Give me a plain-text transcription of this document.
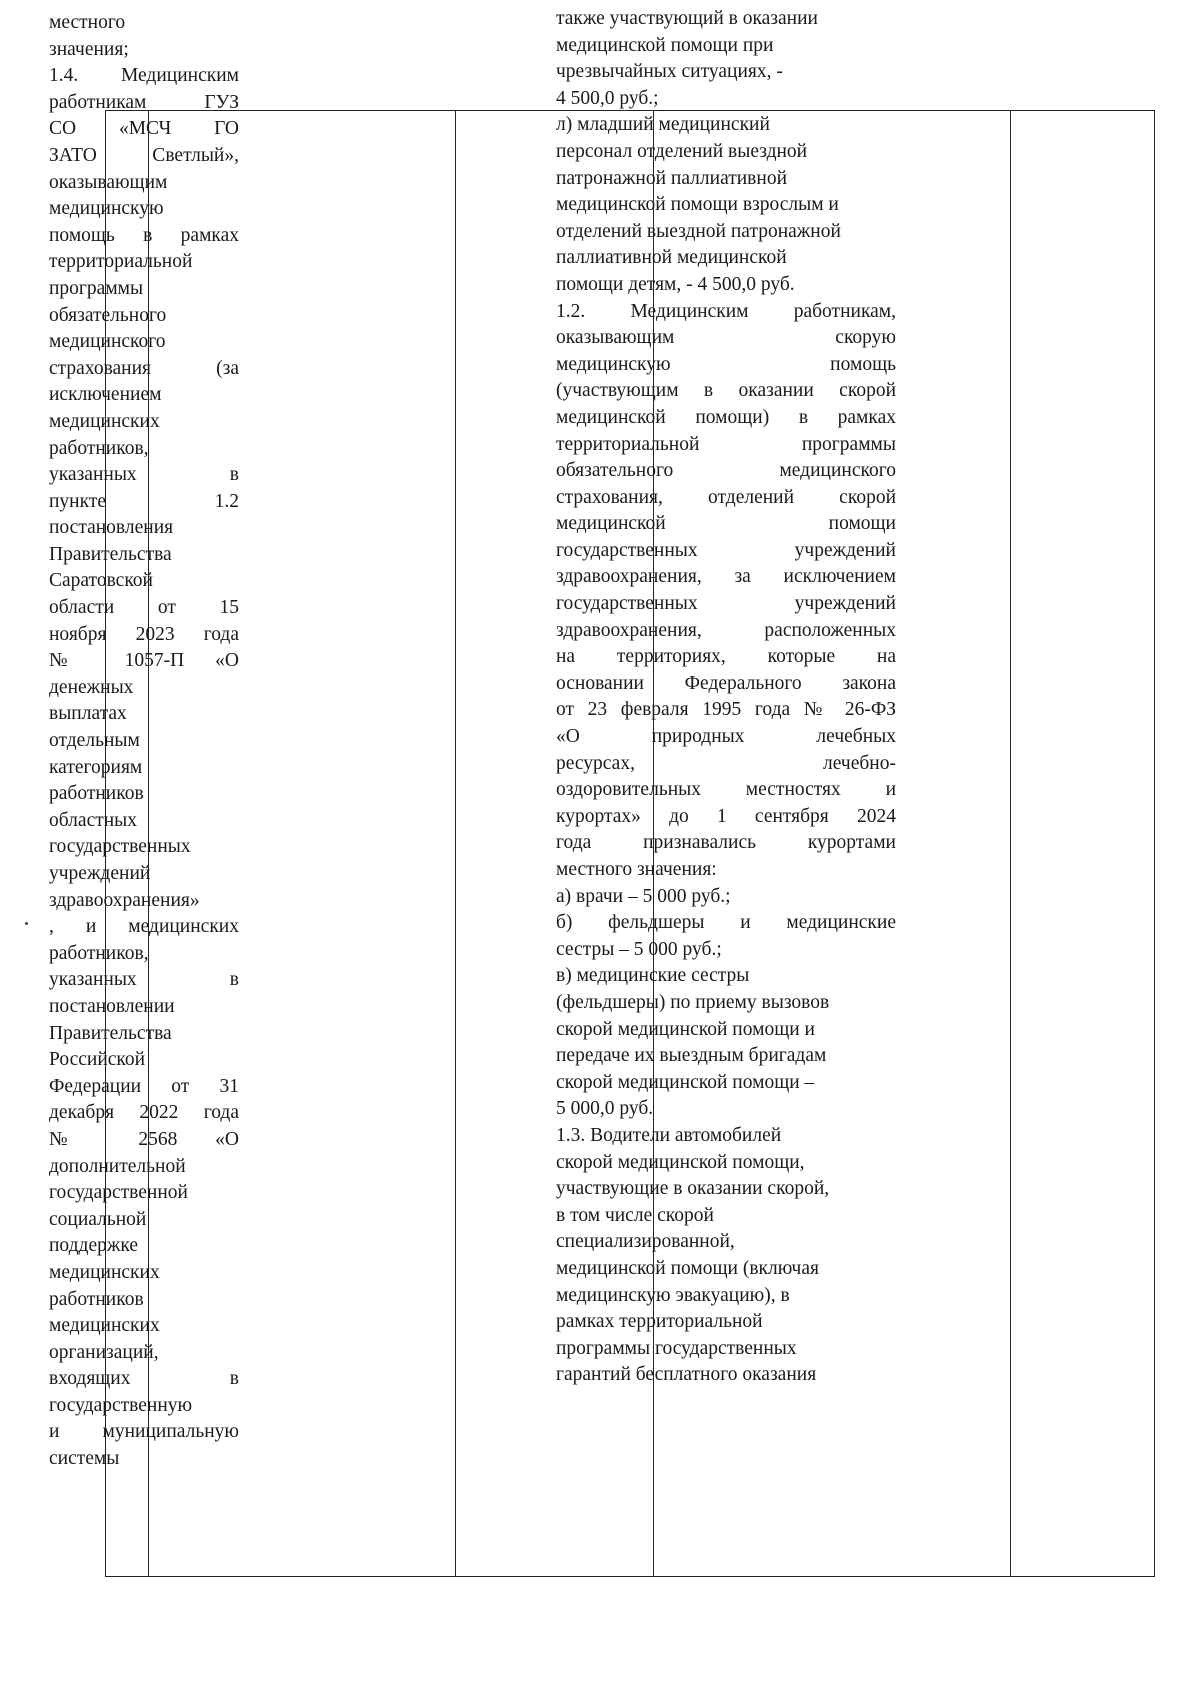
местного
значения;
1.4. Медицинским
работникам ГУЗ
СО «МСЧ ГО
ЗАТО Светлый»,
оказывающим
медицинскую
помощь в рамках
территориальной
программы
обязательного
медицинского
страхования (за
исключением
медицинских
работников,
указанных в
пункте 1.2
постановления
Правительства
Саратовской
области от 15
ноября 2023 года
№ 1057-П «О
денежных
выплатах
отдельным
категориям
работников
областных
государственных
учреждений
здравоохранения»
, и медицинских
работников,
указанных в
постановлении
Правительства
Российской
Федерации от 31
декабря 2022 года
№ 2568 «О
дополнительной
государственной
социальной
поддержке
медицинских
работников
медицинских
организаций,
входящих в
государственную
и муниципальную
системы
также участвующий в оказании
медицинской помощи при
чрезвычайных ситуациях, -
4 500,0 руб.;
л) младший медицинский
персонал отделений выездной
патронажной паллиативной
медицинской помощи взрослым и
отделений выездной патронажной
паллиативной медицинской
помощи детям, - 4 500,0 руб.
1.2. Медицинским работникам,
оказывающим скорую
медицинскую помощь
(участвующим в оказании скорой
медицинской помощи) в рамках
территориальной программы
обязательного медицинского
страхования, отделений скорой
медицинской помощи
государственных учреждений
здравоохранения, за исключением
государственных учреждений
здравоохранения, расположенных
на территориях, которые на
основании Федерального закона
от 23 февраля 1995 года № 26-ФЗ
«О природных лечебных
ресурсах, лечебно-
оздоровительных местностях и
курортах» до 1 сентября 2024
года признавались курортами
местного значения:
а) врачи – 5 000 руб.;
б) фельдшеры и медицинские
сестры – 5 000 руб.;
в) медицинские сестры
(фельдшеры) по приему вызовов
скорой медицинской помощи и
передаче их выездным бригадам
скорой медицинской помощи –
5 000,0 руб.
1.3. Водители автомобилей
скорой медицинской помощи,
участвующие в оказании скорой,
в том числе скорой
специализированной,
медицинской помощи (включая
медицинскую эвакуацию), в
рамках территориальной
программы государственных
гарантий бесплатного оказания
